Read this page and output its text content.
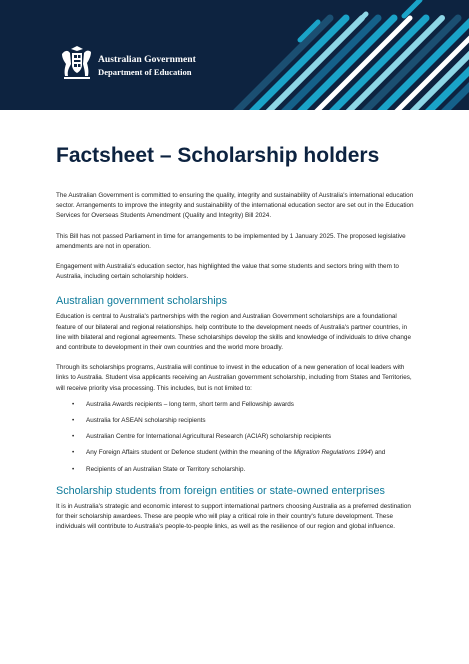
Australian Government
Department of Education
Factsheet – Scholarship holders

The Australian Government is committed to ensuring the quality, integrity and sustainability of Australia's international education sector. Arrangements to improve the integrity and sustainability of the international education sector are set out in the Education Services for Overseas Students Amendment (Quality and Integrity) Bill 2024.

This Bill has not passed Parliament in time for arrangements to be implemented by 1 January 2025. The proposed legislative amendments are not in operation.

Engagement with Australia's education sector, has highlighted the value that some students and sectors bring with them to Australia, including certain scholarship holders.

Australian government scholarships

Education is central to Australia's partnerships with the region and Australian Government scholarships are a foundational feature of our bilateral and regional relationships. help contribute to the development needs of Australia's partner countries, in line with bilateral and regional agreements. These scholarships develop the skills and knowledge of individuals to drive change and contribute to development in their own countries and the world more broadly.

Through its scholarships programs, Australia will continue to invest in the education of a new generation of local leaders with links to Australia. Student visa applicants receiving an Australian government scholarship, including from States and Territories, will receive priority visa processing. This includes, but is not limited to:

• Australia Awards recipients – long term, short term and Fellowship awards
• Australia for ASEAN scholarship recipients
• Australian Centre for International Agricultural Research (ACIAR) scholarship recipients
• Any Foreign Affairs student or Defence student (within the meaning of the Migration Regulations 1994) and
• Recipients of an Australian State or Territory scholarship.
Scholarship students from foreign entities or state-owned enterprises

It is in Australia's strategic and economic interest to support international partners choosing Australia as a preferred destination for their scholarship awardees. These are people who will play a critical role in their country's future development. These individuals will contribute to Australia's people-to-people links, as well as the resilience of our region and global influence.
